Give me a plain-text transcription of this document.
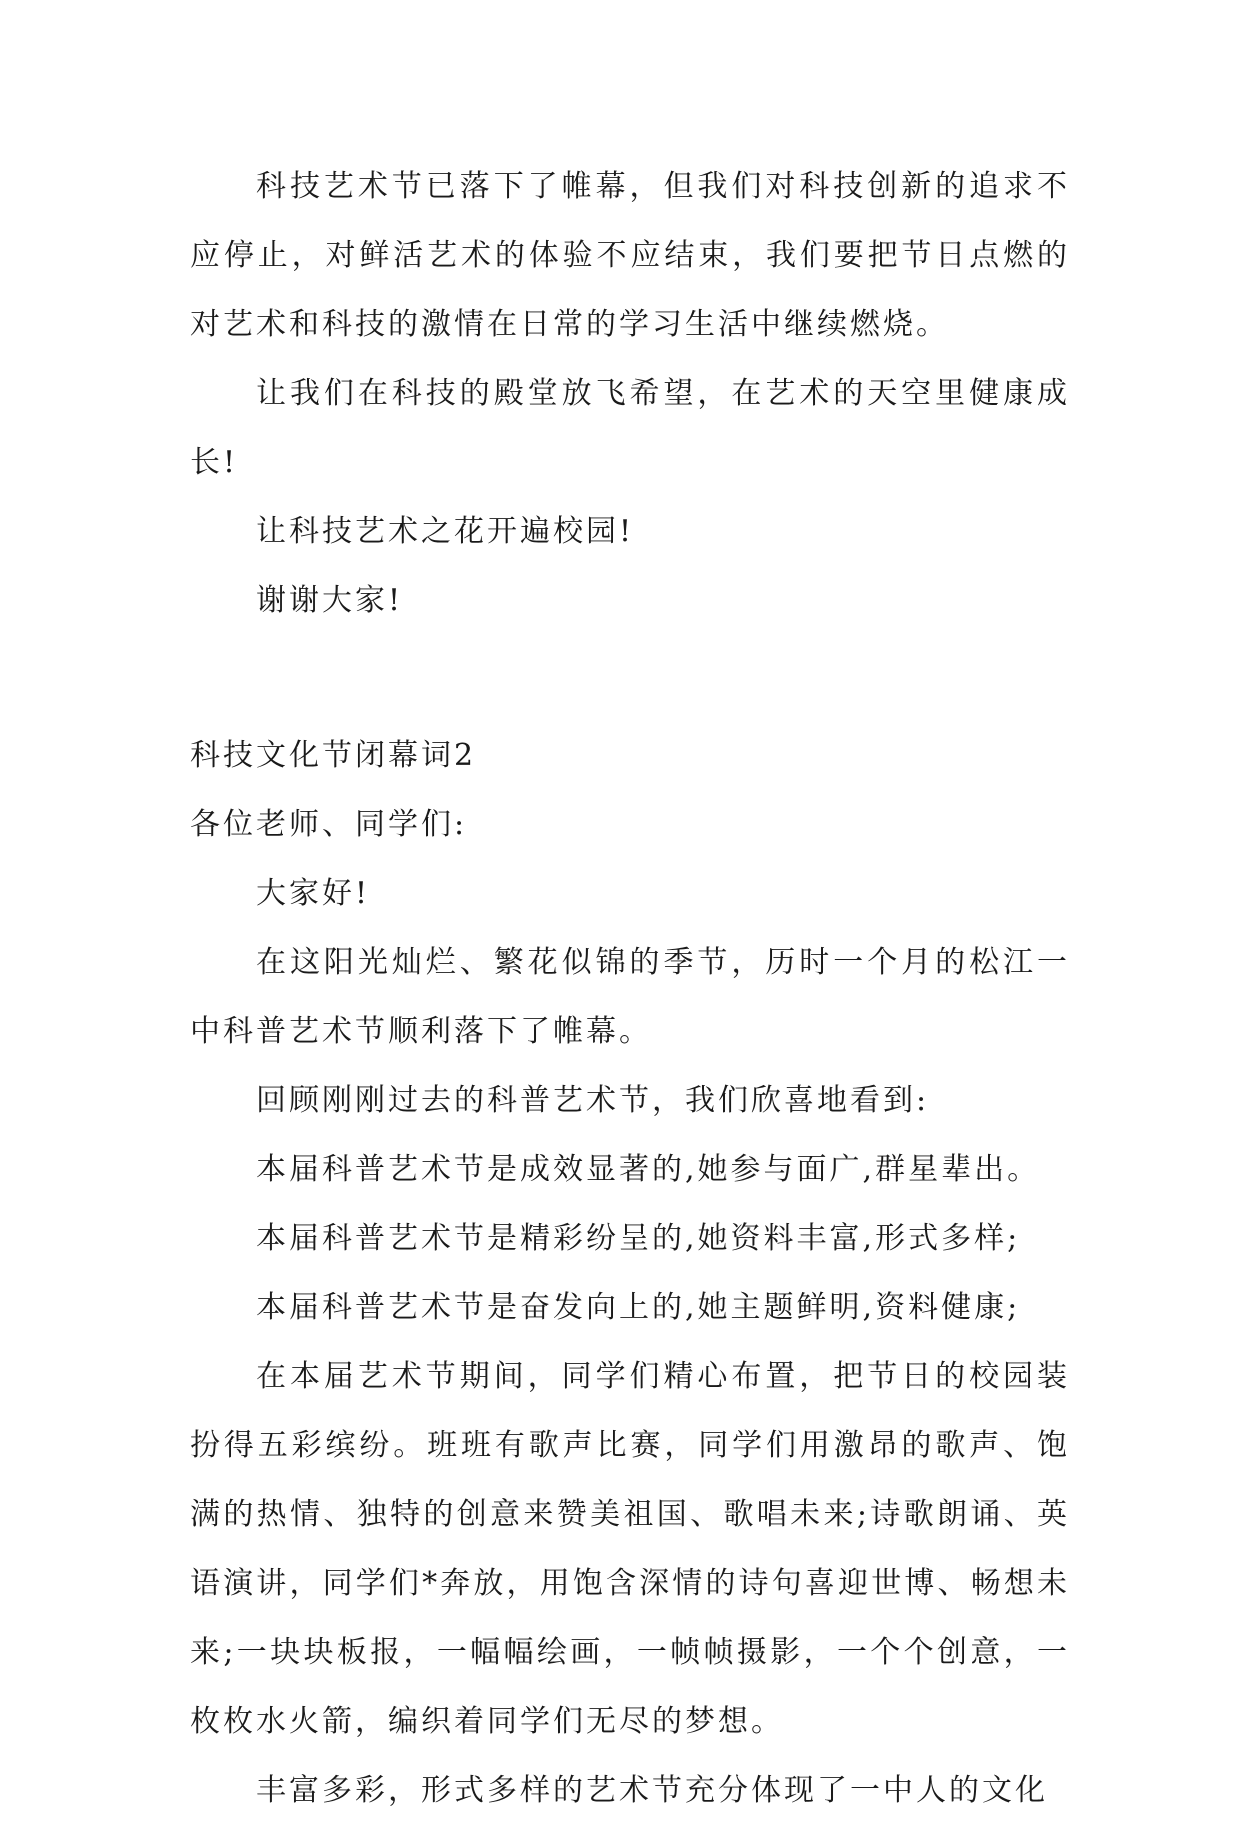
科技艺术节已落下了帷幕，但我们对科技创新的追求不应停止，对鲜活艺术的体验不应结束，我们要把节日点燃的对艺术和科技的激情在日常的学习生活中继续燃烧。

让我们在科技的殿堂放飞希望，在艺术的天空里健康成长!

让科技艺术之花开遍校园!

谢谢大家!

科技文化节闭幕词2

各位老师、同学们:

大家好!

在这阳光灿烂、繁花似锦的季节，历时一个月的松江一中科普艺术节顺利落下了帷幕。

回顾刚刚过去的科普艺术节，我们欣喜地看到:

本届科普艺术节是成效显著的,她参与面广,群星辈出。

本届科普艺术节是精彩纷呈的,她资料丰富,形式多样;

本届科普艺术节是奋发向上的,她主题鲜明,资料健康;

在本届艺术节期间，同学们精心布置，把节日的校园装扮得五彩缤纷。班班有歌声比赛，同学们用激昂的歌声、饱满的热情、独特的创意来赞美祖国、歌唱未来;诗歌朗诵、英语演讲，同学们*奔放，用饱含深情的诗句喜迎世博、畅想未来;一块块板报，一幅幅绘画，一帧帧摄影，一个个创意，一枚枚水火箭，编织着同学们无尽的梦想。

丰富多彩，形式多样的艺术节充分体现了一中人的文化
